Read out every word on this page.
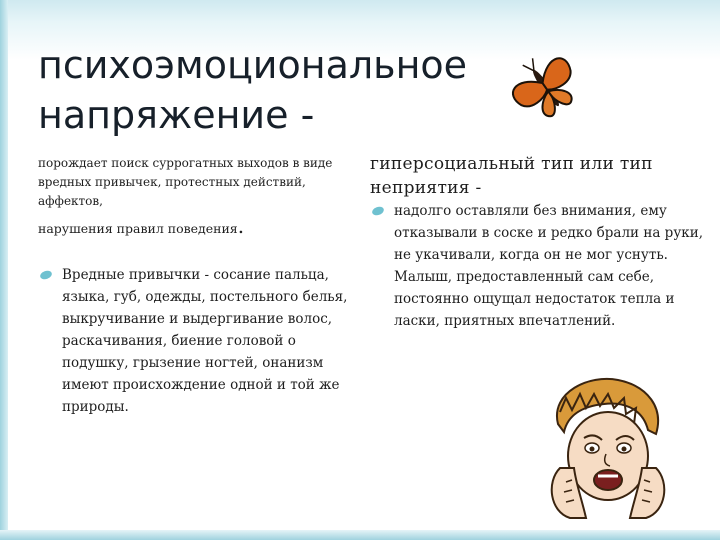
психоэмоциональное напряжение -
порождает поиск суррогатных выходов в виде вредных привычек, протестных действий, аффектов,
нарушения правил поведения.
Вредные привычки - сосание пальца, языка, губ, одежды, постельного белья, выкручивание и выдергивание волос, раскачивания, биение головой о подушку, грызение ногтей, онанизм имеют происхождение одной и той же природы.
гиперсоциальный тип или тип неприятия -
надолго оставляли без внимания, ему отказывали в соске и редко брали на руки, не укачивали, когда он не мог уснуть. Малыш, предоставленный сам себе, постоянно ощущал недостаток тепла и ласки, приятных впечатлений.
